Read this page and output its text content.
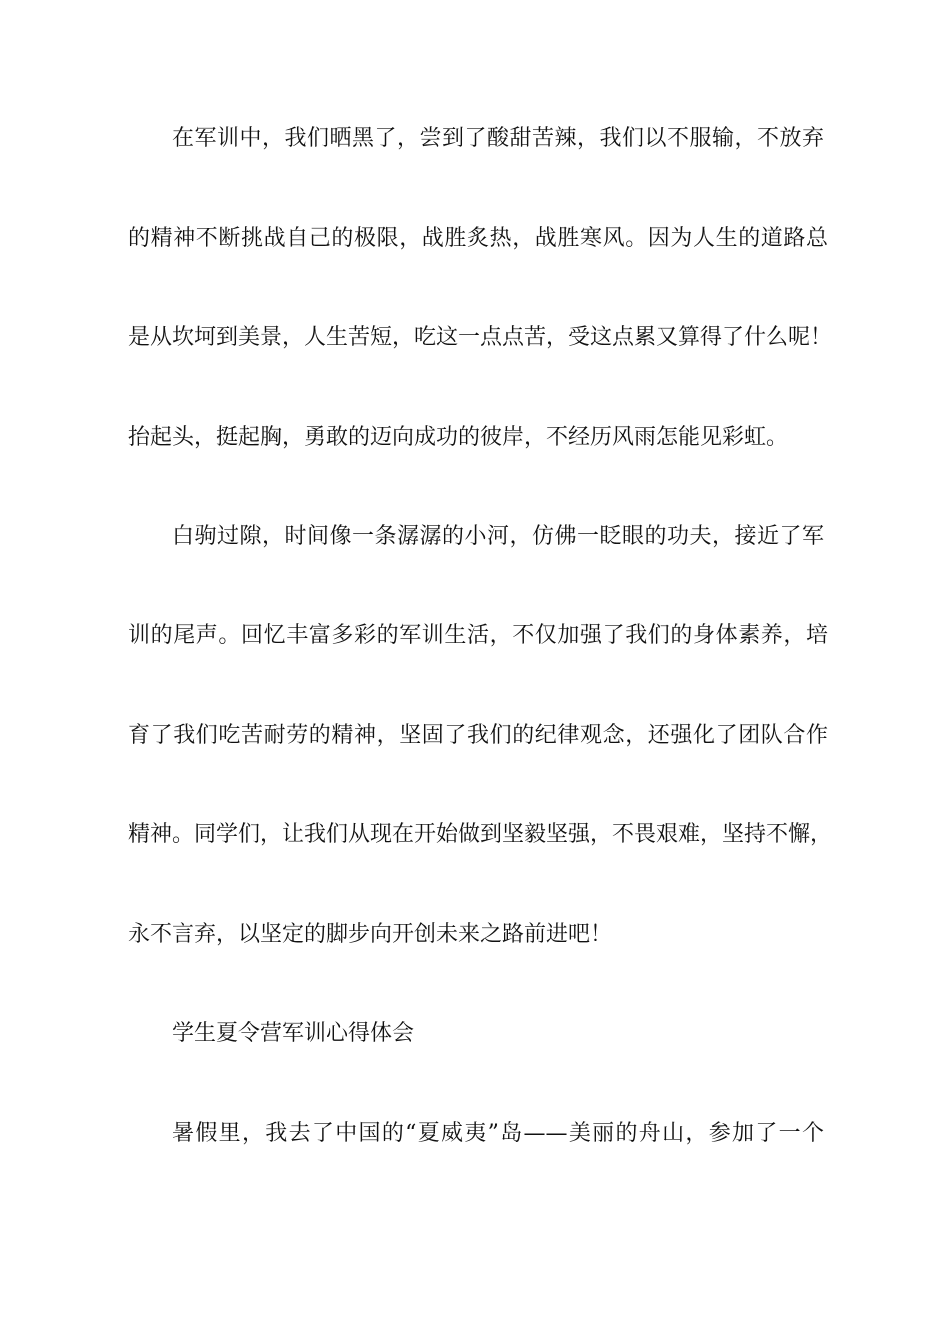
在军训中，我们晒黑了，尝到了酸甜苦辣，我们以不服输，不放弃
的精神不断挑战自己的极限，战胜炙热，战胜寒风。因为人生的道路总
是从坎坷到美景，人生苦短，吃这一点点苦，受这点累又算得了什么呢！
抬起头，挺起胸，勇敢的迈向成功的彼岸，不经历风雨怎能见彩虹。
白驹过隙，时间像一条潺潺的小河，仿佛一眨眼的功夫，接近了军
训的尾声。回忆丰富多彩的军训生活，不仅加强了我们的身体素养，培
育了我们吃苦耐劳的精神，坚固了我们的纪律观念，还强化了团队合作
精神。同学们，让我们从现在开始做到坚毅坚强，不畏艰难，坚持不懈，
永不言弃，以坚定的脚步向开创未来之路前进吧！
学生夏令营军训心得体会
暑假里，我去了中国的“夏威夷”岛——美丽的舟山，参加了一个
